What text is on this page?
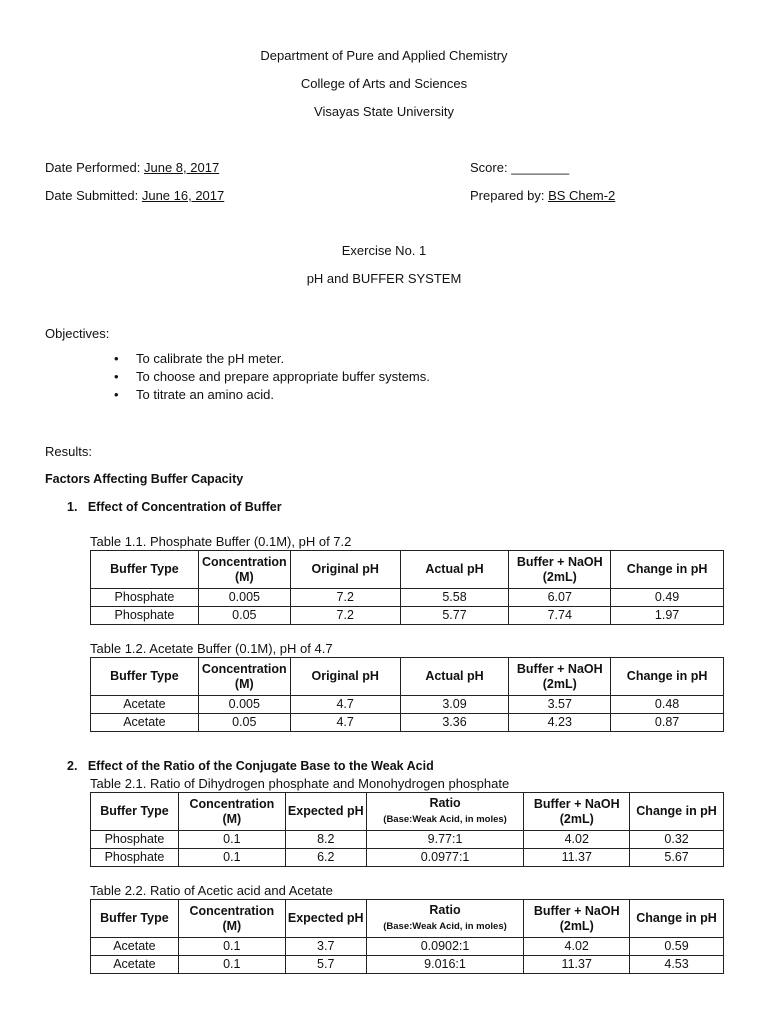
Department of Pure and Applied Chemistry
College of Arts and Sciences
Visayas State University
Date Performed: June 8, 2017
Date Submitted: June 16, 2017
Score: ________
Prepared by: BS Chem-2
Exercise No. 1
pH and BUFFER SYSTEM
Objectives:
• To calibrate the pH meter.
• To choose and prepare appropriate buffer systems.
• To titrate an amino acid.
Results:
Factors Affecting Buffer Capacity
1.   Effect of Concentration of Buffer
Table 1.1. Phosphate Buffer (0.1M), pH of 7.2
Buffer Type	Concentration (M)	Original pH	Actual pH	Buffer + NaOH (2mL)	Change in pH
Phosphate	0.005	7.2	5.58	6.07	0.49
Phosphate	0.05	7.2	5.77	7.74	1.97
Table 1.2. Acetate Buffer (0.1M), pH of 4.7
Buffer Type	Concentration (M)	Original pH	Actual pH	Buffer + NaOH (2mL)	Change in pH
Acetate	0.005	4.7	3.09	3.57	0.48
Acetate	0.05	4.7	3.36	4.23	0.87
2.   Effect of the Ratio of the Conjugate Base to the Weak Acid
Table 2.1. Ratio of Dihydrogen phosphate and Monohydrogen phosphate
Buffer Type	Concentration (M)	Expected pH	Ratio
(Base:Weak Acid, in moles)	Buffer + NaOH (2mL)	Change in pH
Phosphate	0.1	8.2	9.77:1	4.02	0.32
Phosphate	0.1	6.2	0.0977:1	11.37	5.67
Table 2.2. Ratio of Acetic acid and Acetate
Buffer Type	Concentration (M)	Expected pH	Ratio
(Base:Weak Acid, in moles)	Buffer + NaOH (2mL)	Change in pH
Acetate	0.1	3.7	0.0902:1	4.02	0.59
Acetate	0.1	5.7	9.016:1	11.37	4.53
